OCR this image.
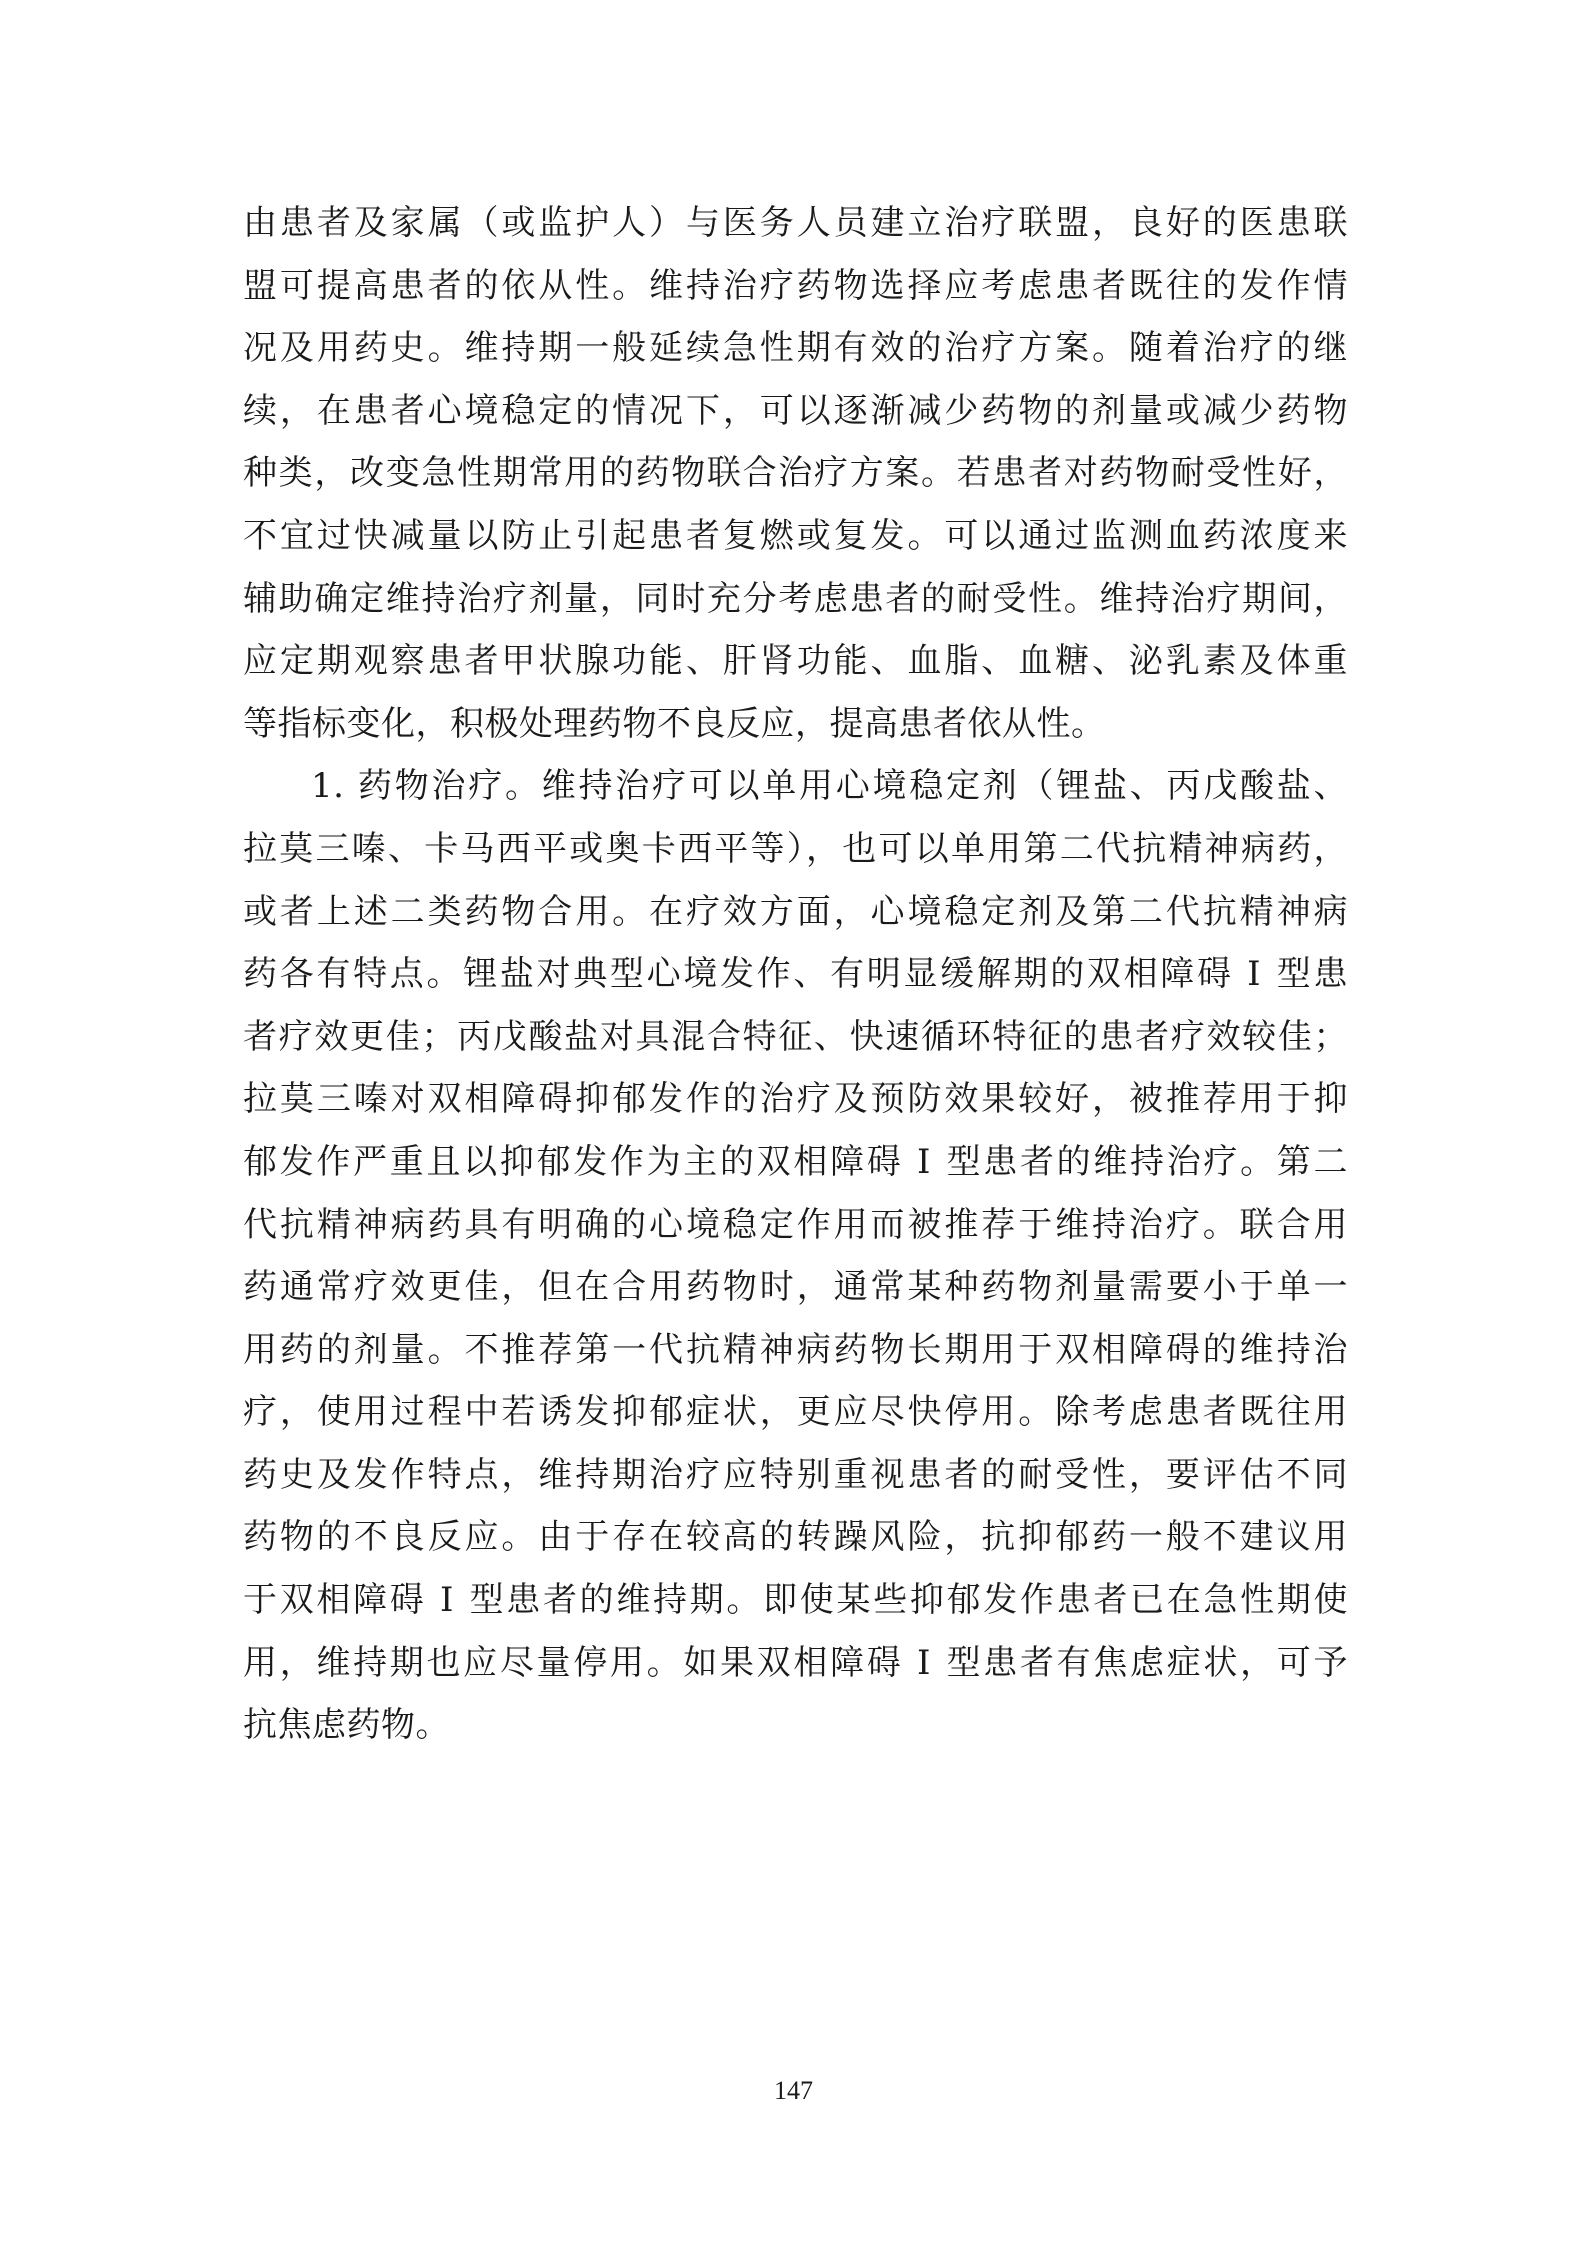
由患者及家属（或监护人）与医务人员建立治疗联盟，良好的医患联
盟可提高患者的依从性。维持治疗药物选择应考虑患者既往的发作情
况及用药史。维持期一般延续急性期有效的治疗方案。随着治疗的继
续，在患者心境稳定的情况下，可以逐渐减少药物的剂量或减少药物
种类，改变急性期常用的药物联合治疗方案。若患者对药物耐受性好，
不宜过快减量以防止引起患者复燃或复发。可以通过监测血药浓度来
辅助确定维持治疗剂量，同时充分考虑患者的耐受性。维持治疗期间，
应定期观察患者甲状腺功能、肝肾功能、血脂、血糖、泌乳素及体重
等指标变化，积极处理药物不良反应，提高患者依从性。
1. 药物治疗。维持治疗可以单用心境稳定剂（锂盐、丙戊酸盐、
拉莫三嗪、卡马西平或奥卡西平等），也可以单用第二代抗精神病药，
或者上述二类药物合用。在疗效方面，心境稳定剂及第二代抗精神病
药各有特点。锂盐对典型心境发作、有明显缓解期的双相障碍 Ⅰ 型患
者疗效更佳；丙戊酸盐对具混合特征、快速循环特征的患者疗效较佳；
拉莫三嗪对双相障碍抑郁发作的治疗及预防效果较好，被推荐用于抑
郁发作严重且以抑郁发作为主的双相障碍 Ⅰ 型患者的维持治疗。第二
代抗精神病药具有明确的心境稳定作用而被推荐于维持治疗。联合用
药通常疗效更佳，但在合用药物时，通常某种药物剂量需要小于单一
用药的剂量。不推荐第一代抗精神病药物长期用于双相障碍的维持治
疗，使用过程中若诱发抑郁症状，更应尽快停用。除考虑患者既往用
药史及发作特点，维持期治疗应特别重视患者的耐受性，要评估不同
药物的不良反应。由于存在较高的转躁风险，抗抑郁药一般不建议用
于双相障碍 Ⅰ 型患者的维持期。即使某些抑郁发作患者已在急性期使
用，维持期也应尽量停用。如果双相障碍 Ⅰ 型患者有焦虑症状，可予
抗焦虑药物。
147
